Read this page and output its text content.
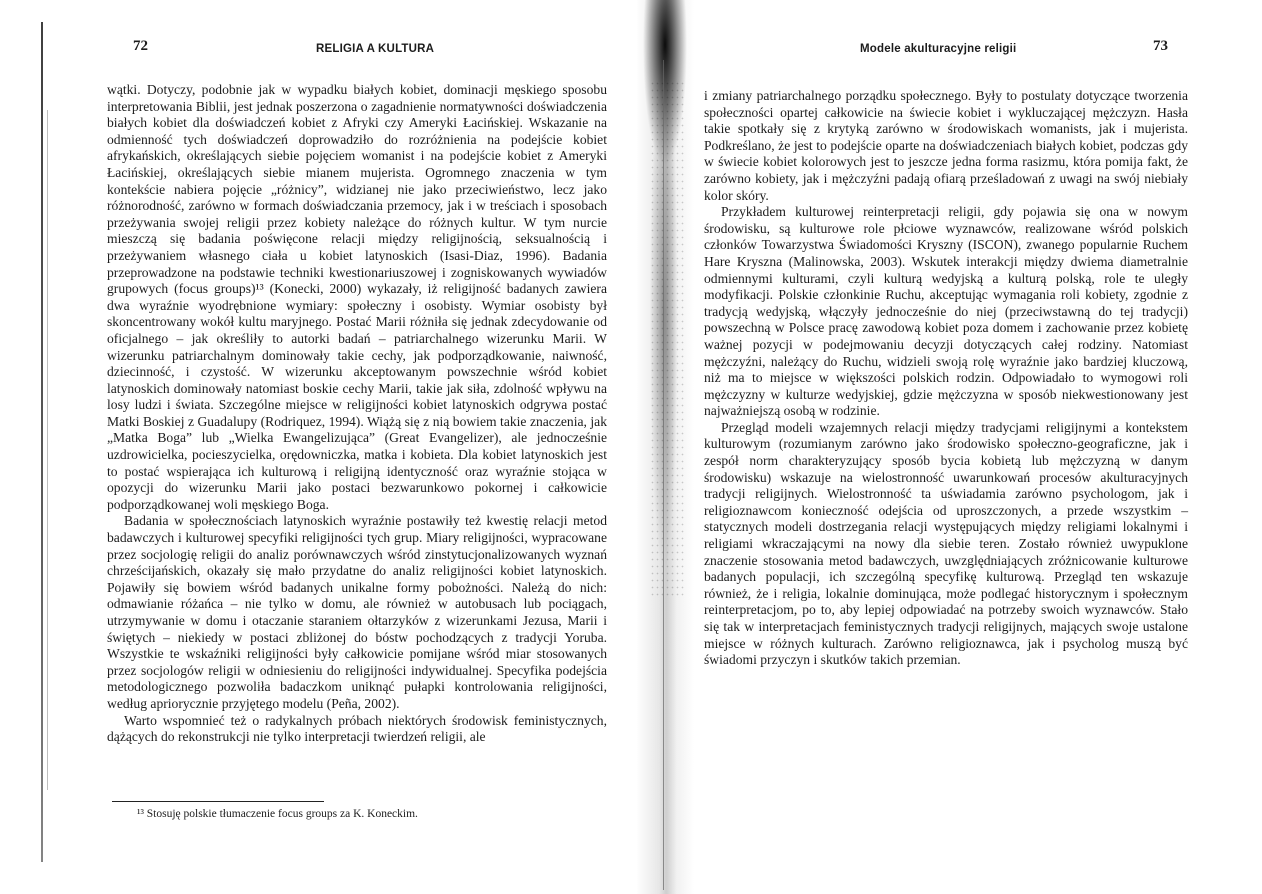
72	RELIGIA A KULTURA

wątki. Dotyczy, podobnie jak w wypadku białych kobiet, dominacji męskiego sposobu interpretowania Biblii, jest jednak poszerzona o zagadnienie normatywności doświadczenia białych kobiet dla doświadczeń kobiet z Afryki czy Ameryki Łacińskiej. Wskazanie na odmienność tych doświadczeń doprowadziło do rozróżnienia na podejście kobiet afrykańskich, określających siebie pojęciem womanist i na podejście kobiet z Ameryki Łacińskiej, określających siebie mianem mujerista. Ogromnego znaczenia w tym kontekście nabiera pojęcie „różnicy”, widzianej nie jako przeciwieństwo, lecz jako różnorodność, zarówno w formach doświadczania przemocy, jak i w treściach i sposobach przeżywania swojej religii przez kobiety należące do różnych kultur. W tym nurcie mieszczą się badania poświęcone relacji między religijnością, seksualnością i przeżywaniem własnego ciała u kobiet latynoskich (Isasi-Diaz, 1996). Badania przeprowadzone na podstawie techniki kwestionariuszowej i zogniskowanych wywiadów grupowych (focus groups)¹³ (Konecki, 2000) wykazały, iż religijność badanych zawiera dwa wyraźnie wyodrębnione wymiary: społeczny i osobisty. Wymiar osobisty był skoncentrowany wokół kultu maryjnego. Postać Marii różniła się jednak zdecydowanie od oficjalnego – jak określiły to autorki badań – patriarchalnego wizerunku Marii. W wizerunku patriarchalnym dominowały takie cechy, jak podporządkowanie, naiwność, dziecinność, i czystość. W wizerunku akceptowanym powszechnie wśród kobiet latynoskich dominowały natomiast boskie cechy Marii, takie jak siła, zdolność wpływu na losy ludzi i świata. Szczególne miejsce w religijności kobiet latynoskich odgrywa postać Matki Boskiej z Guadalupy (Rodriquez, 1994). Wiążą się z nią bowiem takie znaczenia, jak „Matka Boga” lub „Wielka Ewangelizująca” (Great Evangelizer), ale jednocześnie uzdrowicielka, pocieszycielka, orędowniczka, matka i kobieta. Dla kobiet latynoskich jest to postać wspierająca ich kulturową i religijną identyczność oraz wyraźnie stojąca w opozycji do wizerunku Marii jako postaci bezwarunkowo pokornej i całkowicie podporządkowanej woli męskiego Boga.

Badania w społecznościach latynoskich wyraźnie postawiły też kwestię relacji metod badawczych i kulturowej specyfiki religijności tych grup. Miary religijności, wypracowane przez socjologię religii do analiz porównawczych wśród zinstytucjonalizowanych wyznań chrześcijańskich, okazały się mało przydatne do analiz religijności kobiet latynoskich. Pojawiły się bowiem wśród badanych unikalne formy pobożności. Należą do nich: odmawianie różańca – nie tylko w domu, ale również w autobusach lub pociągach, utrzymywanie w domu i otaczanie staraniem ołtarzyków z wizerunkami Jezusa, Marii i świętych – niekiedy w postaci zbliżonej do bóstw pochodzących z tradycji Yoruba. Wszystkie te wskaźniki religijności były całkowicie pomijane wśród miar stosowanych przez socjologów religii w odniesieniu do religijności indywidualnej. Specyfika podejścia metodologicznego pozwoliła badaczkom uniknąć pułapki kontrolowania religijności, według apriorycznie przyjętego modelu (Peña, 2002).

Warto wspomnieć też o radykalnych próbach niektórych środowisk feministycznych, dążących do rekonstrukcji nie tylko interpretacji twierdzeń religii, ale

¹³ Stosuję polskie tłumaczenie focus groups za K. Koneckim.
Modele akulturacyjne religii	73

i zmiany patriarchalnego porządku społecznego. Były to postulaty dotyczące tworzenia społeczności opartej całkowicie na świecie kobiet i wykluczającej mężczyzn. Hasła takie spotkały się z krytyką zarówno w środowiskach womanists, jak i mujerista. Podkreślano, że jest to podejście oparte na doświadczeniach białych kobiet, podczas gdy w świecie kobiet kolorowych jest to jeszcze jedna forma rasizmu, która pomija fakt, że zarówno kobiety, jak i mężczyźni padają ofiarą prześladowań z uwagi na swój niebiały kolor skóry.

Przykładem kulturowej reinterpretacji religii, gdy pojawia się ona w nowym środowisku, są kulturowe role płciowe wyznawców, realizowane wśród polskich członków Towarzystwa Świadomości Kryszny (ISCON), zwanego popularnie Ruchem Hare Kryszna (Malinowska, 2003). Wskutek interakcji między dwiema diametralnie odmiennymi kulturami, czyli kulturą wedyjską a kulturą polską, role te uległy modyfikacji. Polskie członkinie Ruchu, akceptując wymagania roli kobiety, zgodnie z tradycją wedyjską, włączyły jednocześnie do niej (przeciwstawną do tej tradycji) powszechną w Polsce pracę zawodową kobiet poza domem i zachowanie przez kobietę ważnej pozycji w podejmowaniu decyzji dotyczących całej rodziny. Natomiast mężczyźni, należący do Ruchu, widzieli swoją rolę wyraźnie jako bardziej kluczową, niż ma to miejsce w większości polskich rodzin. Odpowiadało to wymogowi roli mężczyzny w kulturze wedyjskiej, gdzie mężczyzna w sposób niekwestionowany jest najważniejszą osobą w rodzinie.

Przegląd modeli wzajemnych relacji między tradycjami religijnymi a kontekstem kulturowym (rozumianym zarówno jako środowisko społeczno-geograficzne, jak i zespół norm charakteryzujący sposób bycia kobietą lub mężczyzną w danym środowisku) wskazuje na wielostronność uwarunkowań procesów akulturacyjnych tradycji religijnych. Wielostronność ta uświadamia zarówno psychologom, jak i religioznawcom konieczność odejścia od uproszczonych, a przede wszystkim – statycznych modeli dostrzegania relacji występujących między religiami lokalnymi i religiami wkraczającymi na nowy dla siebie teren. Zostało również uwypuklone znaczenie stosowania metod badawczych, uwzględniających zróżnicowanie kulturowe badanych populacji, ich szczególną specyfikę kulturową. Przegląd ten wskazuje również, że i religia, lokalnie dominująca, może podlegać historycznym i społecznym reinterpretacjom, po to, aby lepiej odpowiadać na potrzeby swoich wyznawców. Stało się tak w interpretacjach feministycznych tradycji religijnych, mających swoje ustalone miejsce w różnych kulturach. Zarówno religioznawca, jak i psycholog muszą być świadomi przyczyn i skutków takich przemian.
